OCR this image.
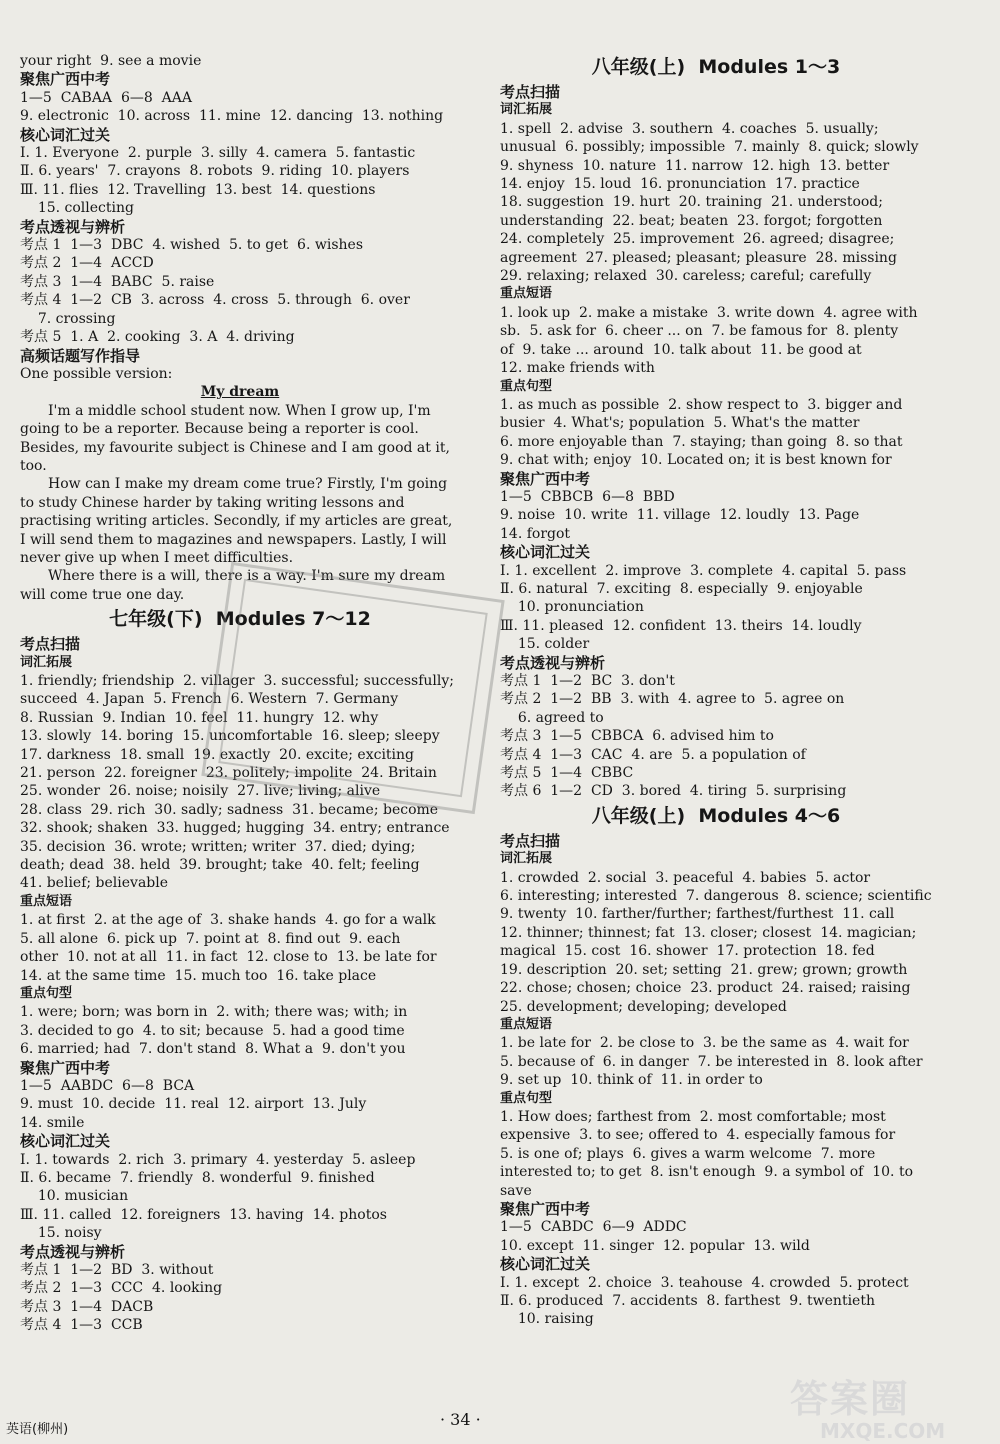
your right  9. see a movie
聚焦广西中考
1—5  CABAA  6—8  AAA
9. electronic  10. across  11. mine  12. dancing  13. nothing
核心词汇过关
Ⅰ. 1. Everyone  2. purple  3. silly  4. camera  5. fantastic
Ⅱ. 6. years'  7. crayons  8. robots  9. riding  10. players
Ⅲ. 11. flies  12. Travelling  13. best  14. questions
15. collecting
考点透视与辨析
考点 1  1—3  DBC  4. wished  5. to get  6. wishes
考点 2  1—4  ACCD
考点 3  1—4  BABC  5. raise
考点 4  1—2  CB  3. across  4. cross  5. through  6. over
7. crossing
考点 5  1. A  2. cooking  3. A  4. driving
高频话题写作指导
One possible version:
My dream
I'm a middle school student now. When I grow up, I'm going to be a reporter. Because being a reporter is cool. Besides, my favourite subject is Chinese and I am good at it, too.
How can I make my dream come true? Firstly, I'm going to study Chinese harder by taking writing lessons and practising writing articles. Secondly, if my articles are great, I will send them to magazines and newspapers. Lastly, I will never give up when I meet difficulties.
Where there is a will, there is a way. I'm sure my dream will come true one day.
七年级(下)  Modules 7～12
考点扫描
词汇拓展
1. friendly; friendship  2. villager  3. successful; successfully;
succeed  4. Japan  5. French  6. Western  7. Germany
8. Russian  9. Indian  10. feel  11. hungry  12. why
13. slowly  14. boring  15. uncomfortable  16. sleep; sleepy
17. darkness  18. small  19. exactly  20. excite; exciting
21. person  22. foreigner  23. politely; impolite  24. Britain
25. wonder  26. noise; noisily  27. live; living; alive
28. class  29. rich  30. sadly; sadness  31. became; become
32. shook; shaken  33. hugged; hugging  34. entry; entrance
35. decision  36. wrote; written; writer  37. died; dying;
death; dead  38. held  39. brought; take  40. felt; feeling
41. belief; believable
重点短语
1. at first  2. at the age of  3. shake hands  4. go for a walk
5. all alone  6. pick up  7. point at  8. find out  9. each
other  10. not at all  11. in fact  12. close to  13. be late for
14. at the same time  15. much too  16. take place
重点句型
1. were; born; was born in  2. with; there was; with; in
3. decided to go  4. to sit; because  5. had a good time
6. married; had  7. don't stand  8. What a  9. don't you
聚焦广西中考
1—5  AABDC  6—8  BCA
9. must  10. decide  11. real  12. airport  13. July
14. smile
核心词汇过关
Ⅰ. 1. towards  2. rich  3. primary  4. yesterday  5. asleep
Ⅱ. 6. became  7. friendly  8. wonderful  9. finished
10. musician
Ⅲ. 11. called  12. foreigners  13. having  14. photos
15. noisy
考点透视与辨析
考点 1  1—2  BD  3. without
考点 2  1—3  CCC  4. looking
考点 3  1—4  DACB
考点 4  1—3  CCB
八年级(上)  Modules 1～3
考点扫描
词汇拓展
1. spell  2. advise  3. southern  4. coaches  5. usually;
unusual  6. possibly; impossible  7. mainly  8. quick; slowly
9. shyness  10. nature  11. narrow  12. high  13. better
14. enjoy  15. loud  16. pronunciation  17. practice
18. suggestion  19. hurt  20. training  21. understood;
understanding  22. beat; beaten  23. forgot; forgotten
24. completely  25. improvement  26. agreed; disagree;
agreement  27. pleased; pleasant; pleasure  28. missing
29. relaxing; relaxed  30. careless; careful; carefully
重点短语
1. look up  2. make a mistake  3. write down  4. agree with
sb.  5. ask for  6. cheer ... on  7. be famous for  8. plenty
of  9. take ... around  10. talk about  11. be good at
12. make friends with
重点句型
1. as much as possible  2. show respect to  3. bigger and
busier  4. What's; population  5. What's the matter
6. more enjoyable than  7. staying; than going  8. so that
9. chat with; enjoy  10. Located on; it is best known for
聚焦广西中考
1—5  CBBCB  6—8  BBD
9. noise  10. write  11. village  12. loudly  13. Page
14. forgot
核心词汇过关
Ⅰ. 1. excellent  2. improve  3. complete  4. capital  5. pass
Ⅱ. 6. natural  7. exciting  8. especially  9. enjoyable
10. pronunciation
Ⅲ. 11. pleased  12. confident  13. theirs  14. loudly
15. colder
考点透视与辨析
考点 1  1—2  BC  3. don't
考点 2  1—2  BB  3. with  4. agree to  5. agree on
6. agreed to
考点 3  1—5  CBBCA  6. advised him to
考点 4  1—3  CAC  4. are  5. a population of
考点 5  1—4  CBBC
考点 6  1—2  CD  3. bored  4. tiring  5. surprising
八年级(上)  Modules 4～6
考点扫描
词汇拓展
1. crowded  2. social  3. peaceful  4. babies  5. actor
6. interesting; interested  7. dangerous  8. science; scientific
9. twenty  10. farther/further; farthest/furthest  11. call
12. thinner; thinnest; fat  13. closer; closest  14. magician;
magical  15. cost  16. shower  17. protection  18. fed
19. description  20. set; setting  21. grew; grown; growth
22. chose; chosen; choice  23. product  24. raised; raising
25. development; developing; developed
重点短语
1. be late for  2. be close to  3. be the same as  4. wait for
5. because of  6. in danger  7. be interested in  8. look after
9. set up  10. think of  11. in order to
重点句型
1. How does; farthest from  2. most comfortable; most
expensive  3. to see; offered to  4. especially famous for
5. is one of; plays  6. gives a warm welcome  7. more
interested to; to get  8. isn't enough  9. a symbol of  10. to
save
聚焦广西中考
1—5  CABDC  6—9  ADDC
10. except  11. singer  12. popular  13. wild
核心词汇过关
Ⅰ. 1. except  2. choice  3. teahouse  4. crowded  5. protect
Ⅱ. 6. produced  7. accidents  8. farthest  9. twentieth
10. raising
英语(柳州)
· 34 ·	答案圈
MXQE.COM
